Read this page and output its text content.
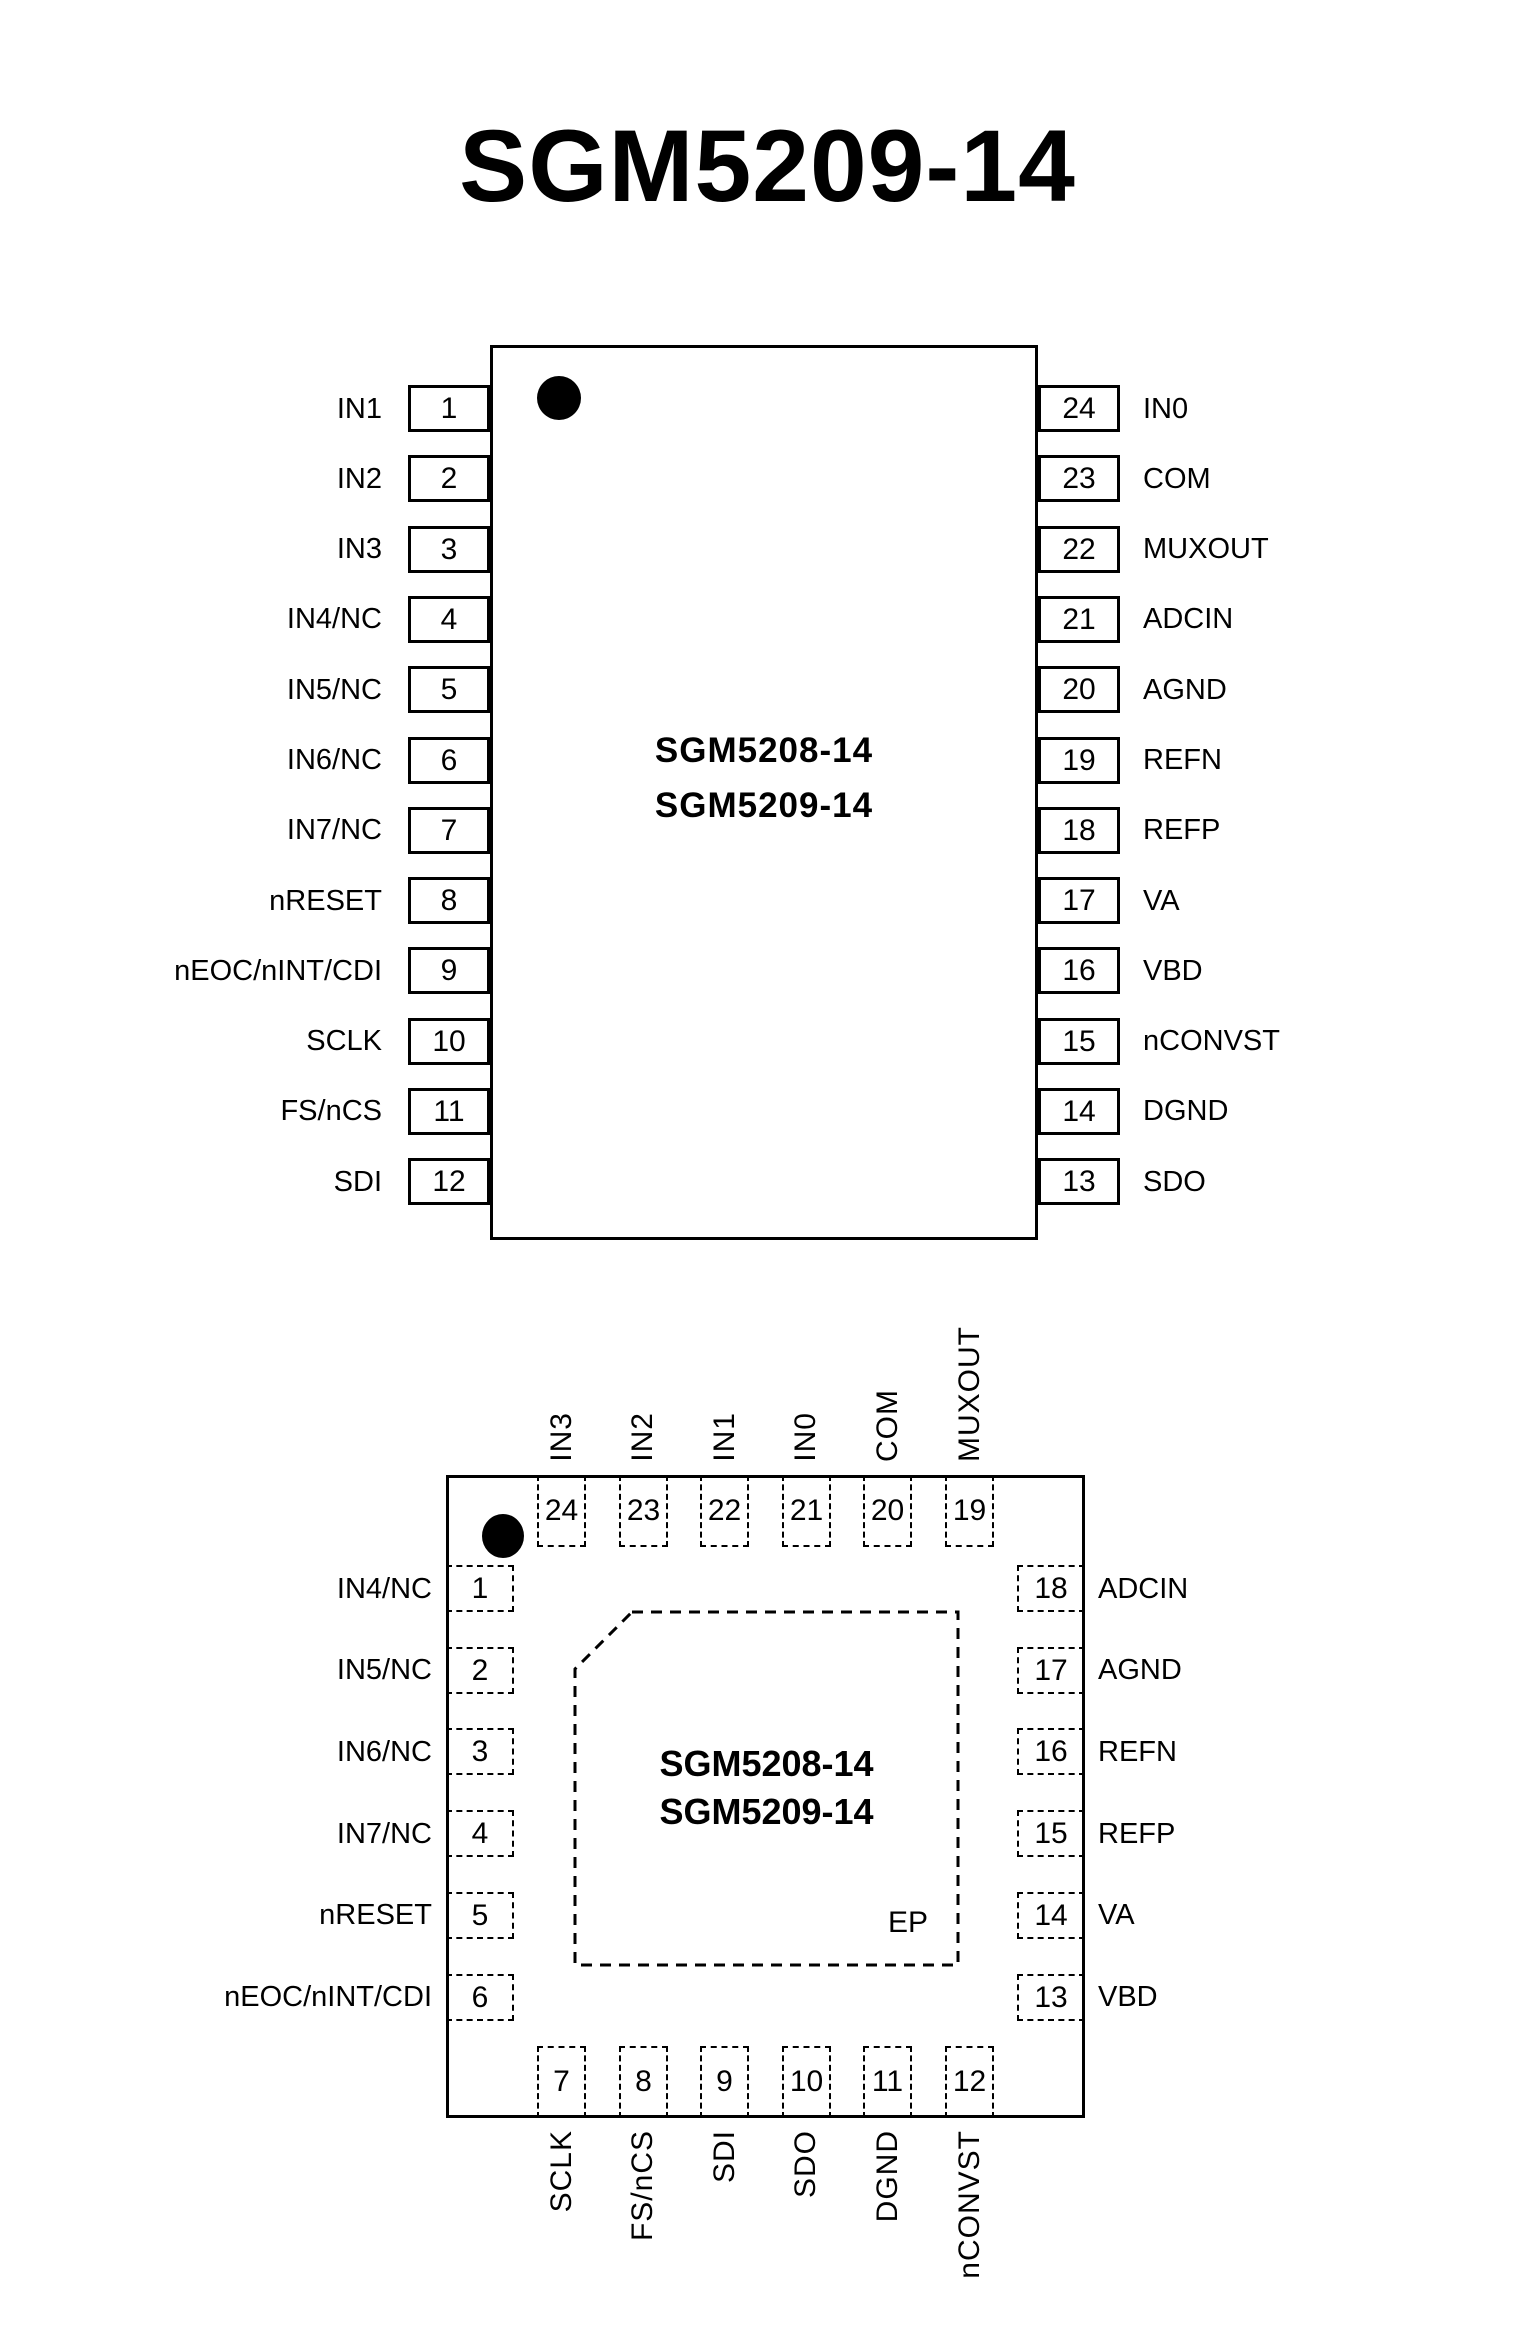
SGM5209-14
IN1
IN2
IN3
IN4/NC
IN5/NC
IN6/NC
IN7/NC
nRESET
nEOC/nINT/CDI
SCLK
FS/nCS
SDI
1
2
3
4
5
6
7
8
9
10
11
12
24
23
22
21
20
19
18
17
16
15
14
13
IN0
COM
MUXOUT
ADCIN
AGND
REFN
REFP
VA
VBD
nCONVST
DGND
SDO
SGM5208-14
SGM5209-14
IN3 IN2 IN1 IN0 COM MUXOUT
24 23 22 21 20 19
IN4/NC
IN5/NC
IN6/NC
IN7/NC
nRESET
nEOC/nINT/CDI
1
2
3
4
5
6
18
17
16
15
14
13
ADCIN
AGND
REFN
REFP
VA
VBD
7 8 9 10 11 12
SCLK FS/nCS SDI SDO DGND nCONVST
SGM5208-14
SGM5209-14
EP
